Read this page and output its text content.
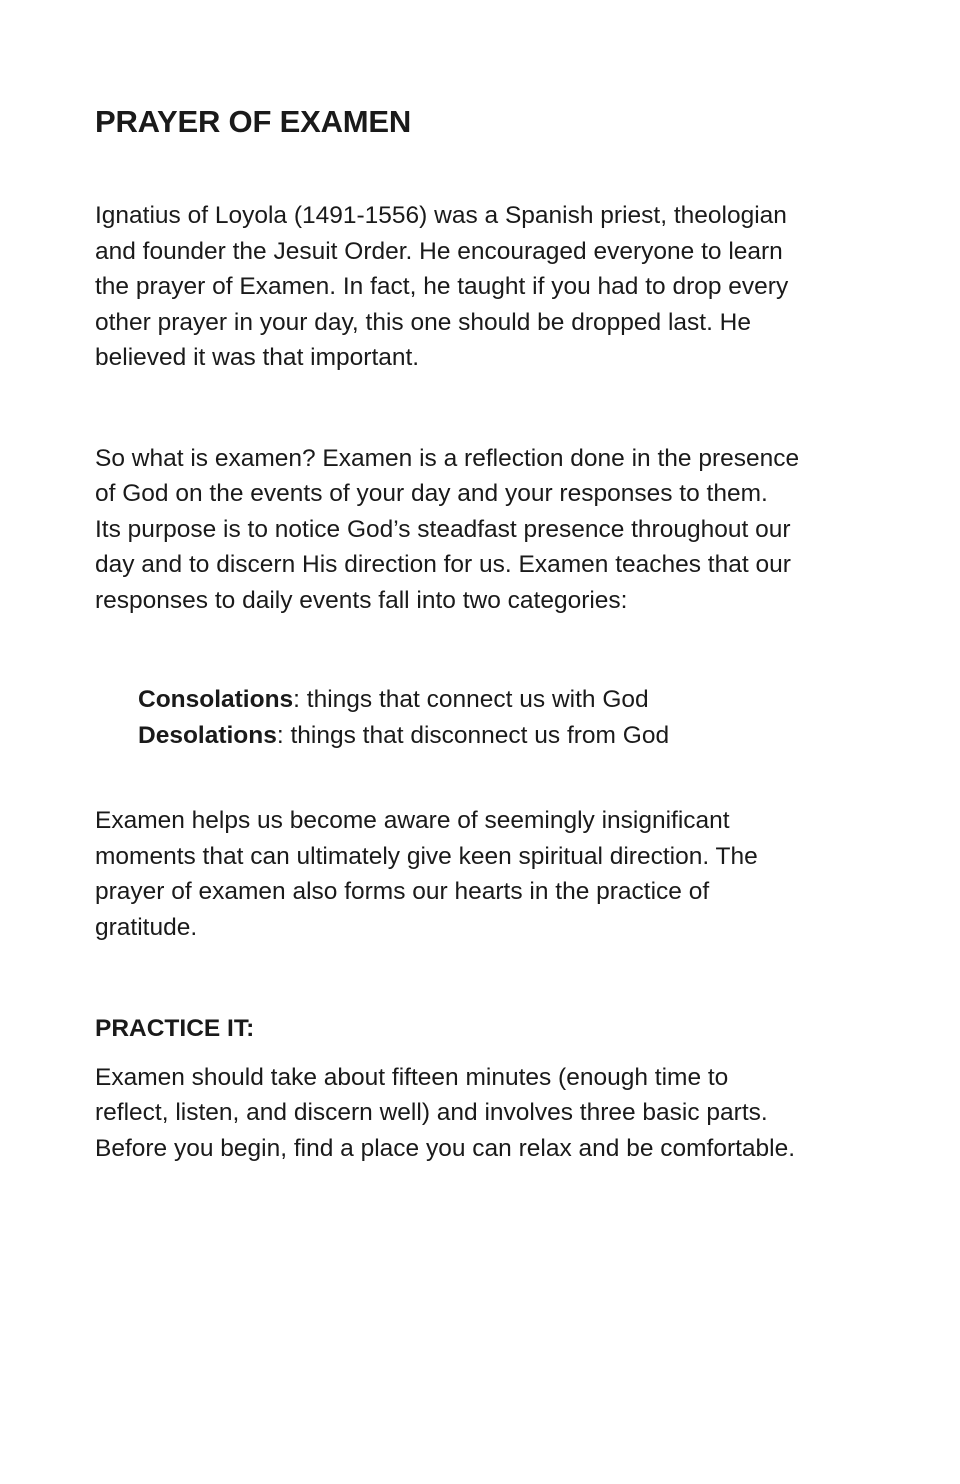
PRAYER OF EXAMEN

Ignatius of Loyola (1491-1556) was a Spanish priest, theologian
and founder the Jesuit Order. He encouraged everyone to learn
the prayer of Examen. In fact, he taught if you had to drop every
other prayer in your day, this one should be dropped last. He
believed it was that important.

So what is examen? Examen is a reflection done in the presence
of God on the events of your day and your responses to them.
Its purpose is to notice God’s steadfast presence throughout our
day and to discern His direction for us. Examen teaches that our
responses to daily events fall into two categories:

Consolations: things that connect us with God
Desolations: things that disconnect us from God

Examen helps us become aware of seemingly insignificant
moments that can ultimately give keen spiritual direction. The
prayer of examen also forms our hearts in the practice of
gratitude.

PRACTICE IT:

Examen should take about fifteen minutes (enough time to
reflect, listen, and discern well) and involves three basic parts.
Before you begin, find a place you can relax and be comfortable.
